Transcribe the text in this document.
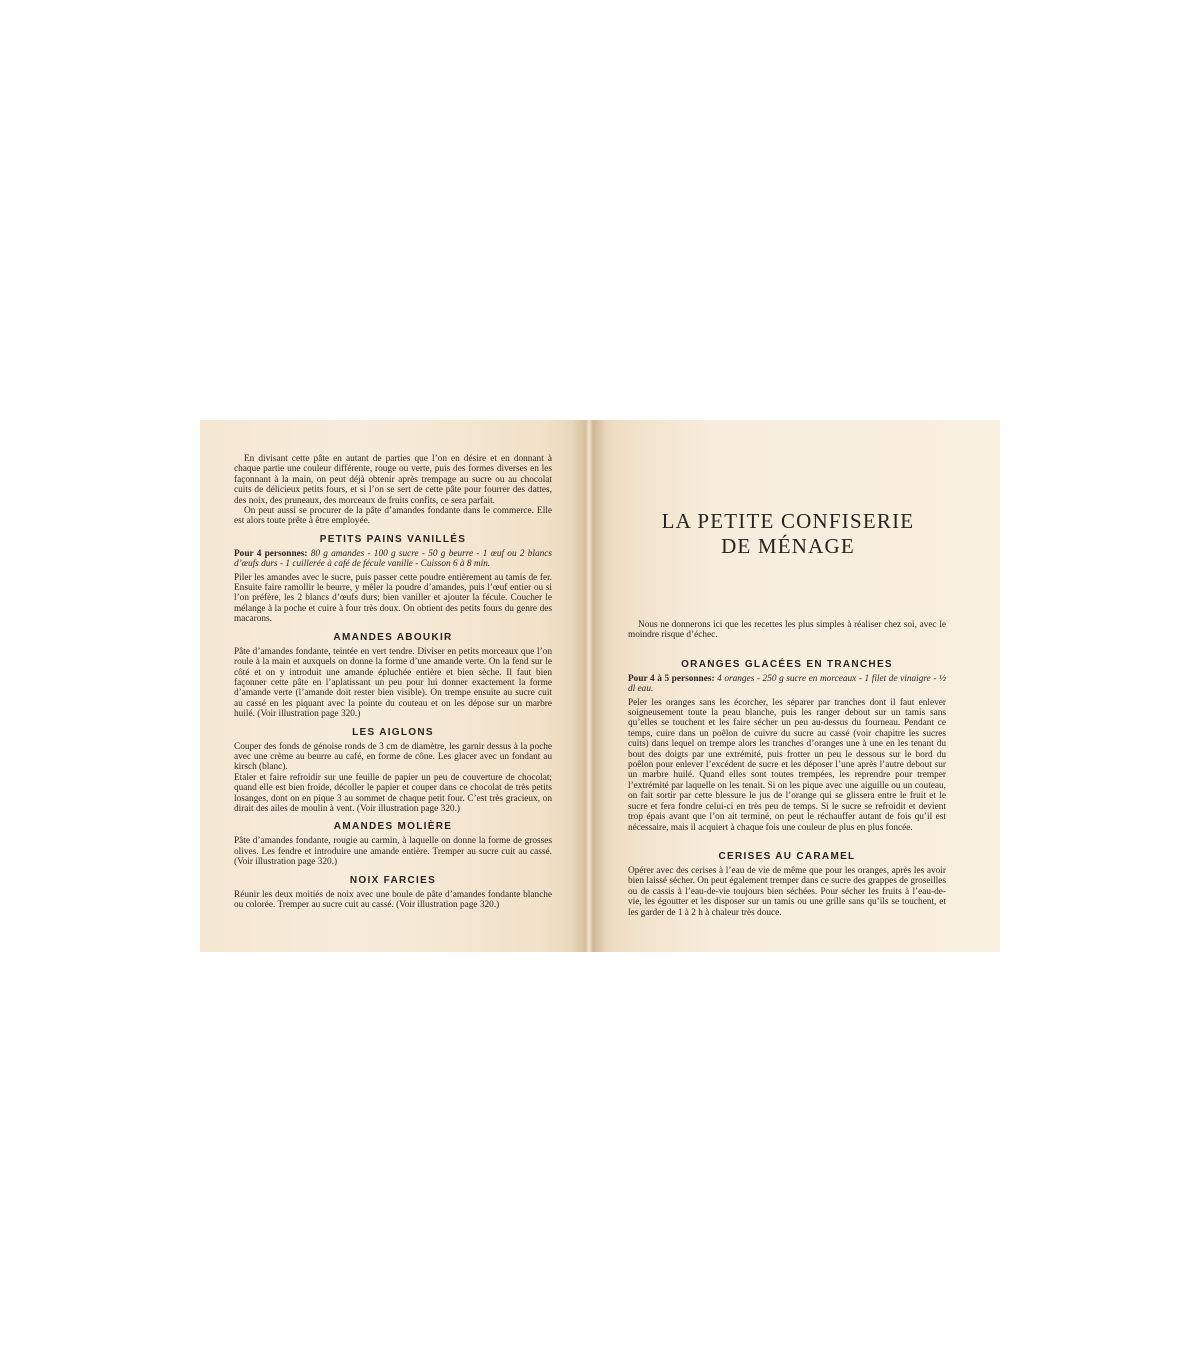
En divisant cette pâte en autant de parties que l’on en désire et en donnant à chaque partie une couleur différente, rouge ou verte, puis des formes diverses en les façonnant à la main, on peut déjà obtenir après trempage au sucre ou au chocolat cuits de délicieux petits fours, et si l’on se sert de cette pâte pour fourrer des dattes, des noix, des pruneaux, des morceaux de fruits confits, ce sera parfait.

On peut aussi se procurer de la pâte d’amandes fondante dans le commerce. Elle est alors toute prête à être employée.

PETITS PAINS VANILLÉS

Pour 4 personnes: 80 g amandes - 100 g sucre - 50 g beurre - 1 œuf ou 2 blancs d’œufs durs - 1 cuillerée à café de fécule vanille - Cuisson 6 à 8 min.

Piler les amandes avec le sucre, puis passer cette poudre entièrement au tamis de fer. Ensuite faire ramollir le beurre, y mêler la poudre d’amandes, puis l’œuf entier ou si l’on préfère, les 2 blancs d’œufs durs; bien vaniller et ajouter la fécule. Coucher le mélange à la poche et cuire à four très doux. On obtient des petits fours du genre des macarons.

AMANDES ABOUKIR

Pâte d’amandes fondante, teintée en vert tendre. Diviser en petits morceaux que l’on roule à la main et auxquels on donne la forme d’une amande verte. On la fend sur le côté et on y introduit une amande épluchée entière et bien sèche. Il faut bien façonner cette pâte en l’aplatissant un peu pour lui donner exactement la forme d’amande verte (l’amande doit rester bien visible). On trempe ensuite au sucre cuit au cassé en les piquant avec la pointe du couteau et on les dépose sur un marbre huilé. (Voir illustration page 320.)

LES AIGLONS

Couper des fonds de génoise ronds de 3 cm de diamètre, les garnir dessus à la poche avec une crème au beurre au café, en forme de cône. Les glacer avec un fondant au kirsch (blanc).

Etaler et faire refroidir sur une feuille de papier un peu de couverture de chocolat; quand elle est bien froide, décoller le papier et couper dans ce chocolat de très petits losanges, dont on en pique 3 au sommet de chaque petit four. C’est très gracieux, on dirait des ailes de moulin à vent. (Voir illustration page 320.)

AMANDES MOLIÈRE

Pâte d’amandes fondante, rougie au carmin, à laquelle on donne la forme de grosses olives. Les fendre et introduire une amande entière. Tremper au sucre cuit au cassé. (Voir illustration page 320.)

NOIX FARCIES

Réunir les deux moitiés de noix avec une boule de pâte d’amandes fondante blanche ou colorée. Tremper au sucre cuit au cassé. (Voir illustration page 320.)

LA PETITE CONFISERIE
DE MÉNAGE

Nous ne donnerons ici que les recettes les plus simples à réaliser chez soi, avec le moindre risque d’échec.

ORANGES GLACÉES EN TRANCHES

Pour 4 à 5 personnes: 4 oranges - 250 g sucre en morceaux - 1 filet de vinaigre - ½ dl eau.

Peler les oranges sans les écorcher, les séparer par tranches dont il faut enlever soigneusement toute la peau blanche, puis les ranger debout sur un tamis sans qu’elles se touchent et les faire sécher un peu au-dessus du fourneau. Pendant ce temps, cuire dans un poêlon de cuivre du sucre au cassé (voir chapitre les sucres cuits) dans lequel on trempe alors les tranches d’oranges une à une en les tenant du bout des doigts par une extrémité, puis frotter un peu le dessous sur le bord du poêlon pour enlever l’excédent de sucre et les déposer l’une après l’autre debout sur un marbre huilé. Quand elles sont toutes trempées, les reprendre pour tremper l’extrémité par laquelle on les tenait. Si on les pique avec une aiguille ou un couteau, on fait sortir par cette blessure le jus de l’orange qui se glissera entre le fruit et le sucre et fera fondre celui-ci en très peu de temps. Si le sucre se refroidit et devient trop épais avant que l’on ait terminé, on peut le réchauffer autant de fois qu’il est nécessaire, mais il acquiert à chaque fois une couleur de plus en plus foncée.

CERISES AU CARAMEL

Opérer avec des cerises à l’eau de vie de même que pour les oranges, après les avoir bien laissé sécher. On peut également tremper dans ce sucre des grappes de groseilles ou de cassis à l’eau-de-vie toujours bien séchées. Pour sécher les fruits à l’eau-de-vie, les égoutter et les disposer sur un tamis ou une grille sans qu’ils se touchent, et les garder de 1 à 2 h à chaleur très douce.
